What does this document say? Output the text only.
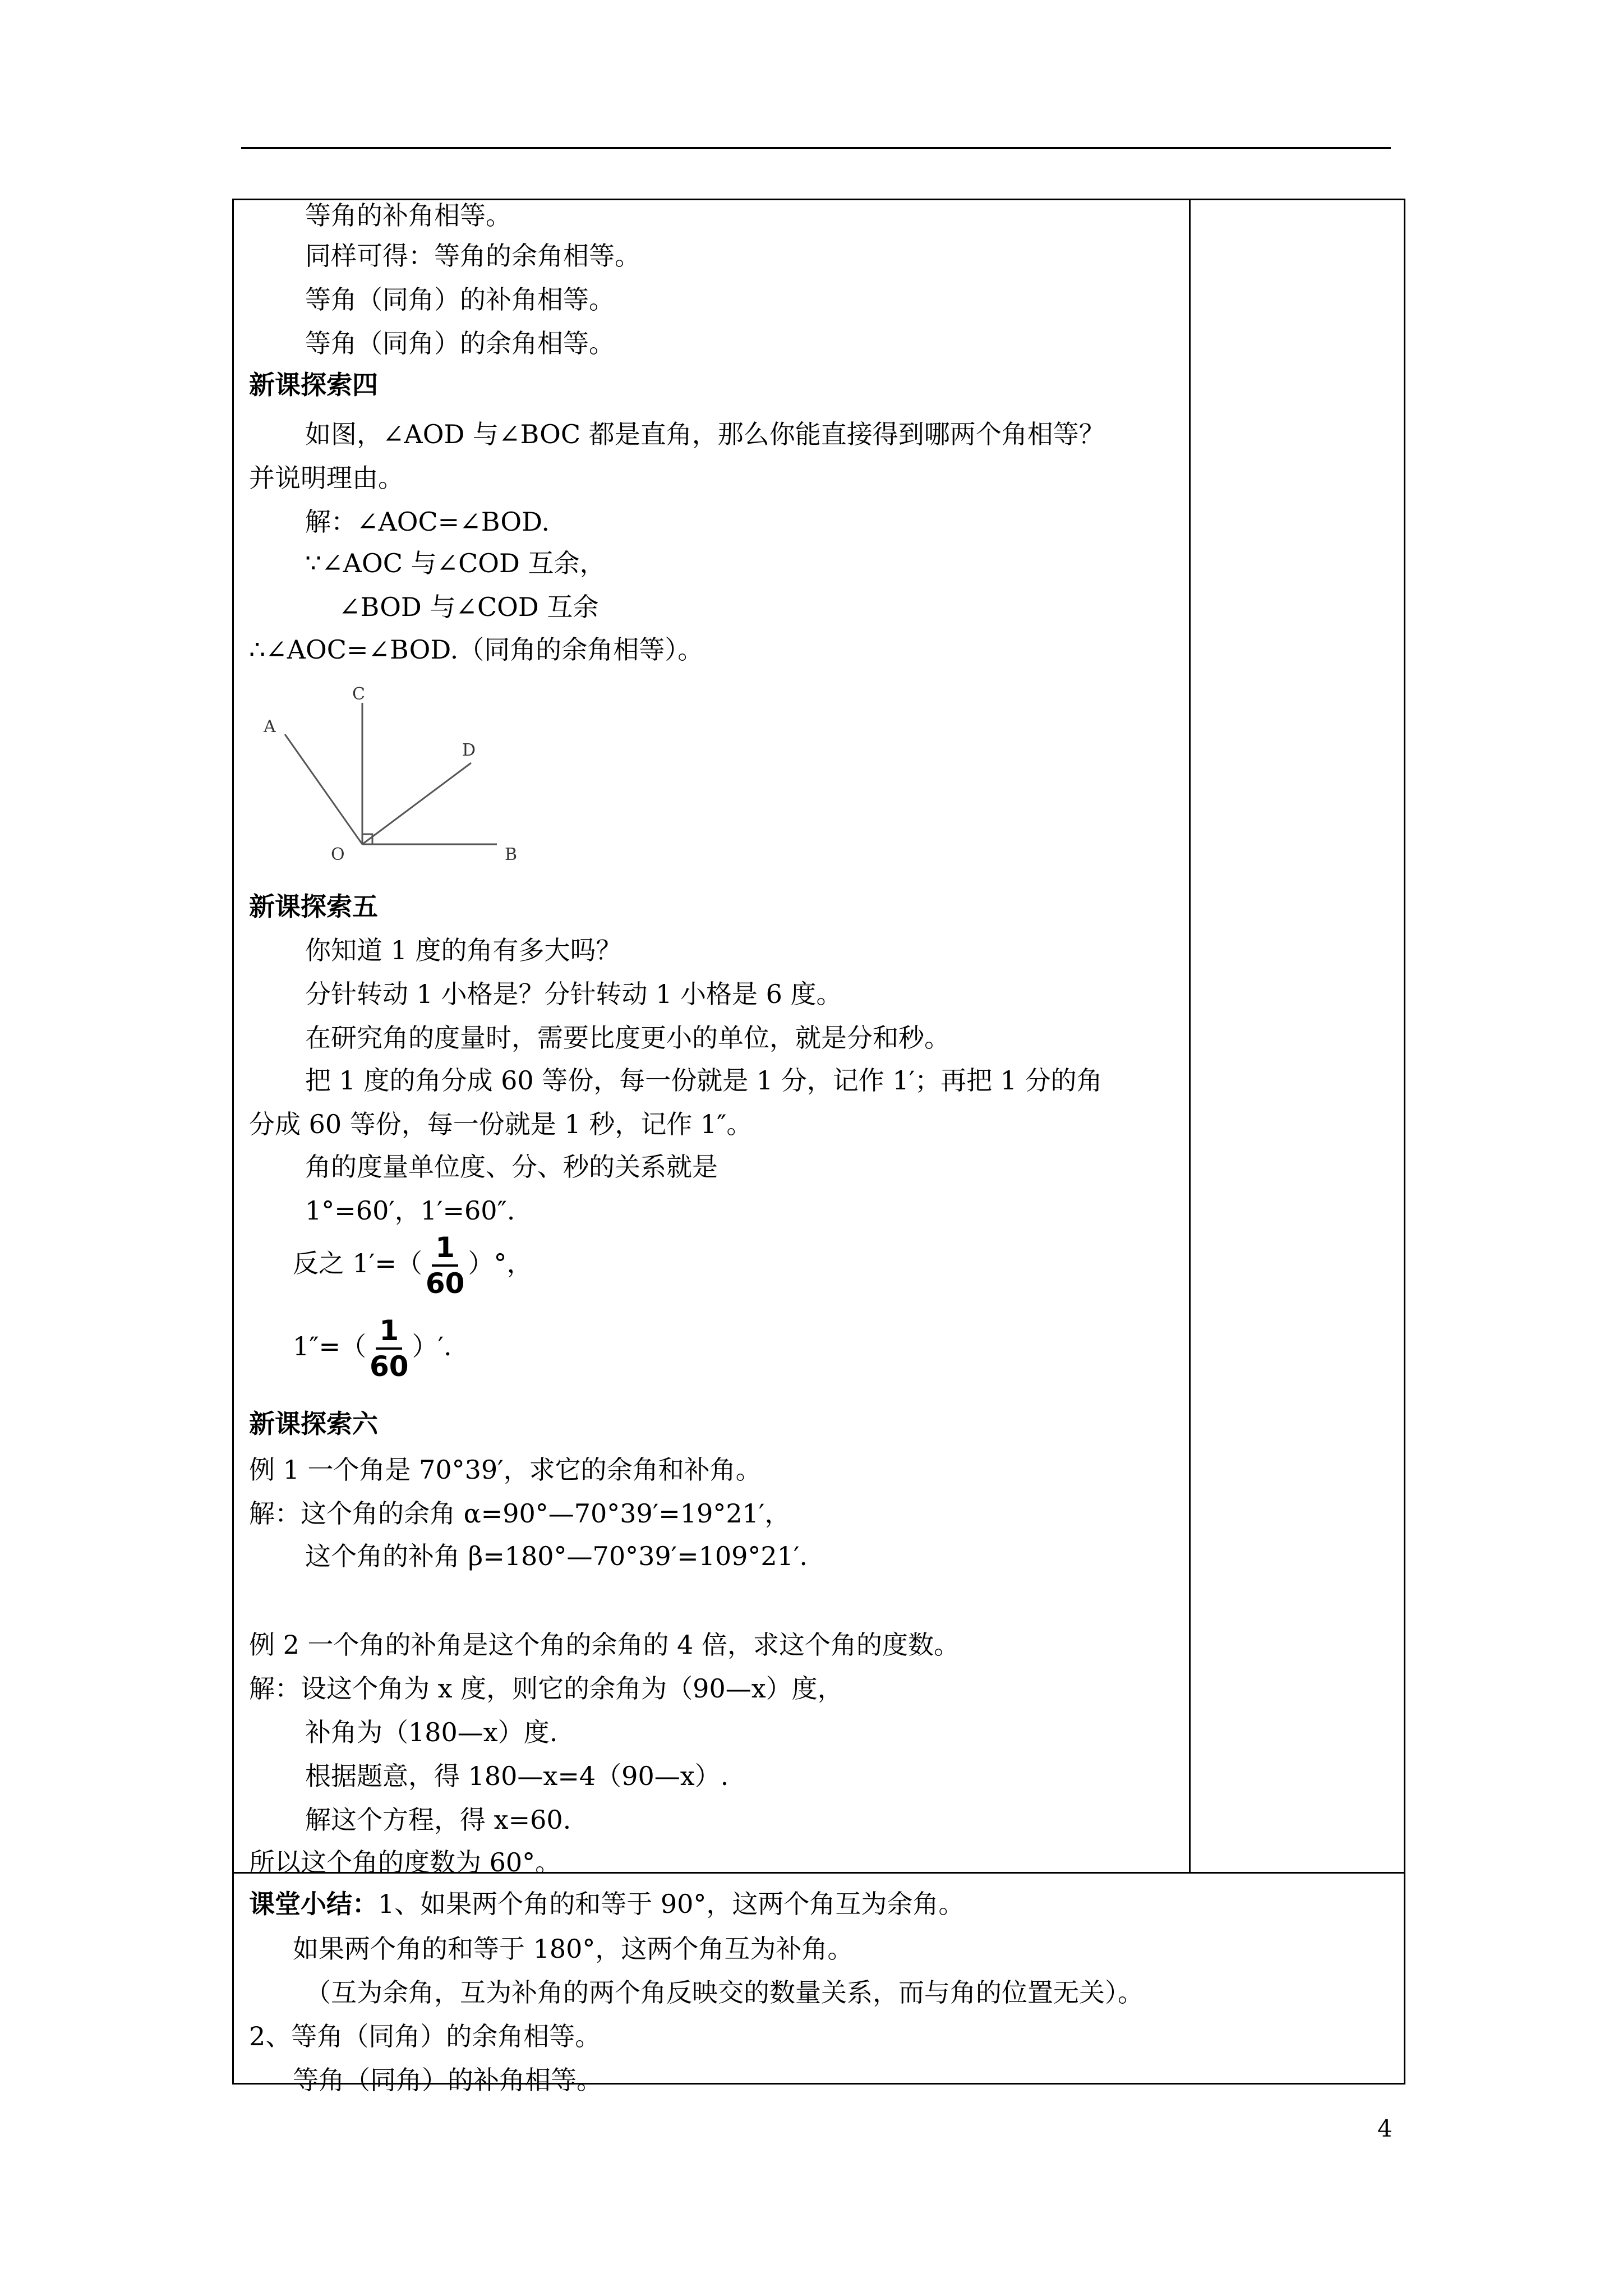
等角的补角相等。
同样可得：等角的余角相等。
等角（同角）的补角相等。
等角（同角）的余角相等。
新课探索四
如图，∠AOD 与∠BOC 都是直角，那么你能直接得到哪两个角相等？
并说明理由。
解：∠AOC=∠BOD.
∵∠AOC 与∠COD 互余，
∠BOD 与∠COD 互余
∴∠AOC=∠BOD.（同角的余角相等）。
新课探索五
你知道 1 度的角有多大吗？
分针转动 1 小格是？分针转动 1 小格是 6 度。
在研究角的度量时，需要比度更小的单位，就是分和秒。
把 1 度的角分成 60 等份，每一份就是 1 分，记作 1′；再把 1 分的角
分成 60 等份，每一份就是 1 秒，记作 1″。
角的度量单位度、分、秒的关系就是
1°=60′，1′=60″.
反之 $1'=( \frac{1}{60}$ ）°，
$1''=( \frac{1}{60}$ ）′.
新课探索六
例 1 一个角是 70°39′，求它的余角和补角。
解：这个角的余角 α=90°—70°39′=19°21′，
这个角的补角 β=180°—70°39′=109°21′.
例 2 一个角的补角是这个角的余角的 4 倍，求这个角的度数。
解：设这个角为 x 度，则它的余角为（90—x）度，
补角为（180—x）度.
根据题意，得 180—x=4（90—x）.
解这个方程，得 x=60.
所以这个角的度数为 60°。
课堂小结：1、如果两个角的和等于 90°，这两个角互为余角。
如果两个角的和等于 180°，这两个角互为补角。
（互为余角，互为补角的两个角反映交的数量关系，而与角的位置无关）。
2、等角（同角）的余角相等。
等角（同角）的补角相等。
A
C
D
O	B
4
